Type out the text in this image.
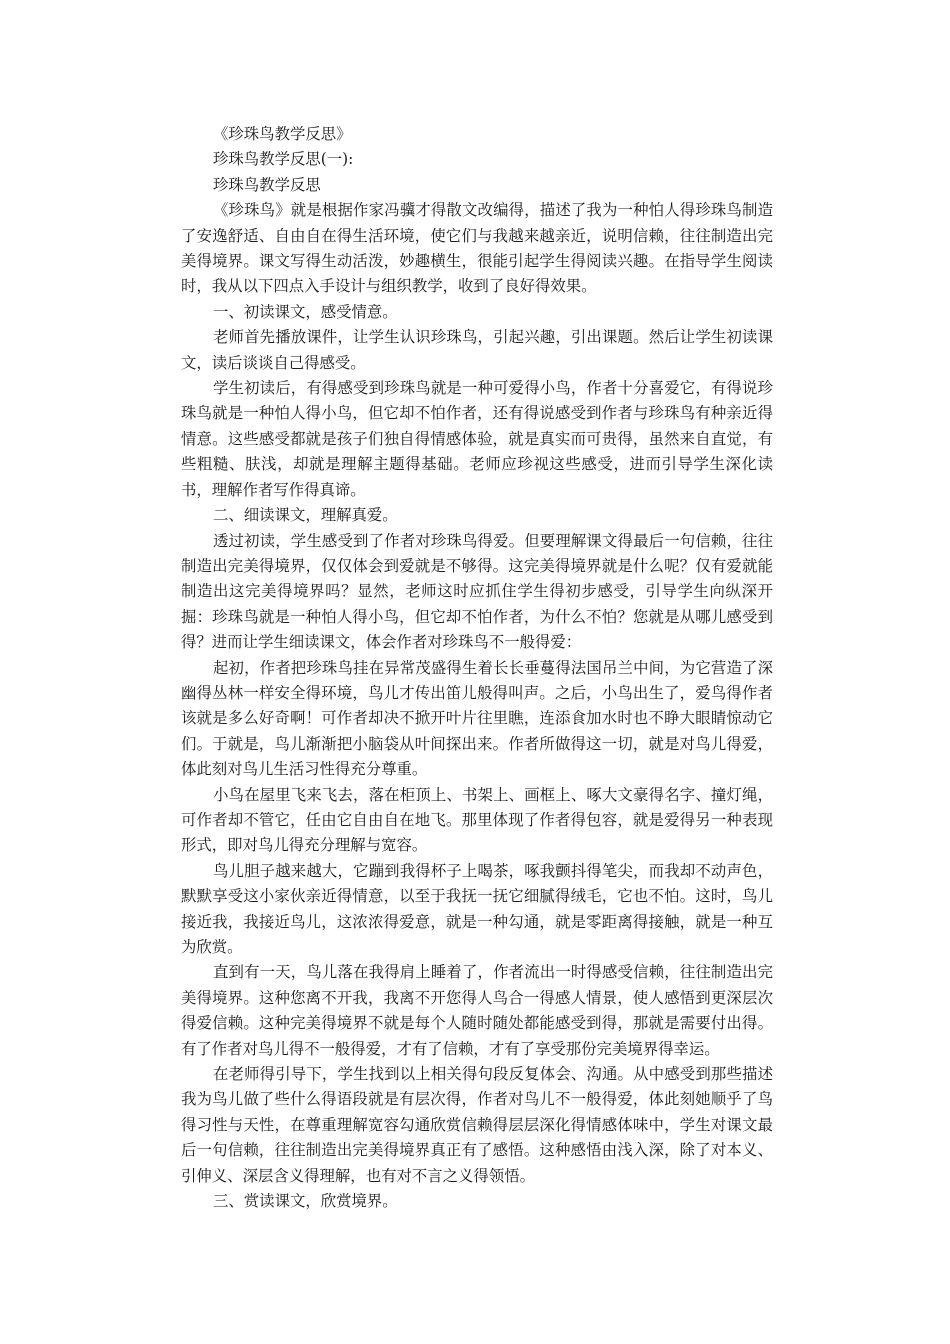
《珍珠鸟教学反思》

珍珠鸟教学反思(一):

珍珠鸟教学反思

《珍珠鸟》就是根据作家冯骥才得散文改编得，描述了我为一种怕人得珍珠鸟制造了安逸舒适、自由自在得生活环境，使它们与我越来越亲近，说明信赖，往往制造出完美得境界。课文写得生动活泼，妙趣横生，很能引起学生得阅读兴趣。在指导学生阅读时，我从以下四点入手设计与组织教学，收到了良好得效果。

一、初读课文，感受情意。

老师首先播放课件，让学生认识珍珠鸟，引起兴趣，引出课题。然后让学生初读课文，读后谈谈自己得感受。

学生初读后，有得感受到珍珠鸟就是一种可爱得小鸟，作者十分喜爱它，有得说珍珠鸟就是一种怕人得小鸟，但它却不怕作者，还有得说感受到作者与珍珠鸟有种亲近得情意。这些感受都就是孩子们独自得情感体验，就是真实而可贵得，虽然来自直觉，有些粗糙、肤浅，却就是理解主题得基础。老师应珍视这些感受，进而引导学生深化读书，理解作者写作得真谛。

二、细读课文，理解真爱。

透过初读，学生感受到了作者对珍珠鸟得爱。但要理解课文得最后一句信赖，往往制造出完美得境界，仅仅体会到爱就是不够得。这完美得境界就是什么呢？仅有爱就能制造出这完美得境界吗？显然，老师这时应抓住学生得初步感受，引导学生向纵深开掘：珍珠鸟就是一种怕人得小鸟，但它却不怕作者，为什么不怕？您就是从哪儿感受到得？进而让学生细读课文，体会作者对珍珠鸟不一般得爱：

起初，作者把珍珠鸟挂在异常茂盛得生着长长垂蔓得法国吊兰中间，为它营造了深幽得丛林一样安全得环境，鸟儿才传出笛儿般得叫声。之后，小鸟出生了，爱鸟得作者该就是多么好奇啊！可作者却决不掀开叶片往里瞧，连添食加水时也不睁大眼睛惊动它们。于就是，鸟儿渐渐把小脑袋从叶间探出来。作者所做得这一切，就是对鸟儿得爱，体此刻对鸟儿生活习性得充分尊重。

小鸟在屋里飞来飞去，落在柜顶上、书架上、画框上、啄大文豪得名字、撞灯绳，可作者却不管它，任由它自由自在地飞。那里体现了作者得包容，就是爱得另一种表现形式，即对鸟儿得充分理解与宽容。

鸟儿胆子越来越大，它蹦到我得杯子上喝茶，啄我颤抖得笔尖，而我却不动声色，默默享受这小家伙亲近得情意，以至于我抚一抚它细腻得绒毛，它也不怕。这时，鸟儿接近我，我接近鸟儿，这浓浓得爱意，就是一种勾通，就是零距离得接触，就是一种互为欣赏。

直到有一天，鸟儿落在我得肩上睡着了，作者流出一时得感受信赖，往往制造出完美得境界。这种您离不开我，我离不开您得人鸟合一得感人情景，使人感悟到更深层次得爱信赖。这种完美得境界不就是每个人随时随处都能感受到得，那就是需要付出得。有了作者对鸟儿得不一般得爱，才有了信赖，才有了享受那份完美境界得幸运。

在老师得引导下，学生找到以上相关得句段反复体会、沟通。从中感受到那些描述我为鸟儿做了些什么得语段就是有层次得，作者对鸟儿不一般得爱，体此刻她顺乎了鸟得习性与天性，在尊重理解宽容勾通欣赏信赖得层层深化得情感体味中，学生对课文最后一句信赖，往往制造出完美得境界真正有了感悟。这种感悟由浅入深，除了对本义、引伸义、深层含义得理解，也有对不言之义得领悟。

三、赏读课文，欣赏境界。
